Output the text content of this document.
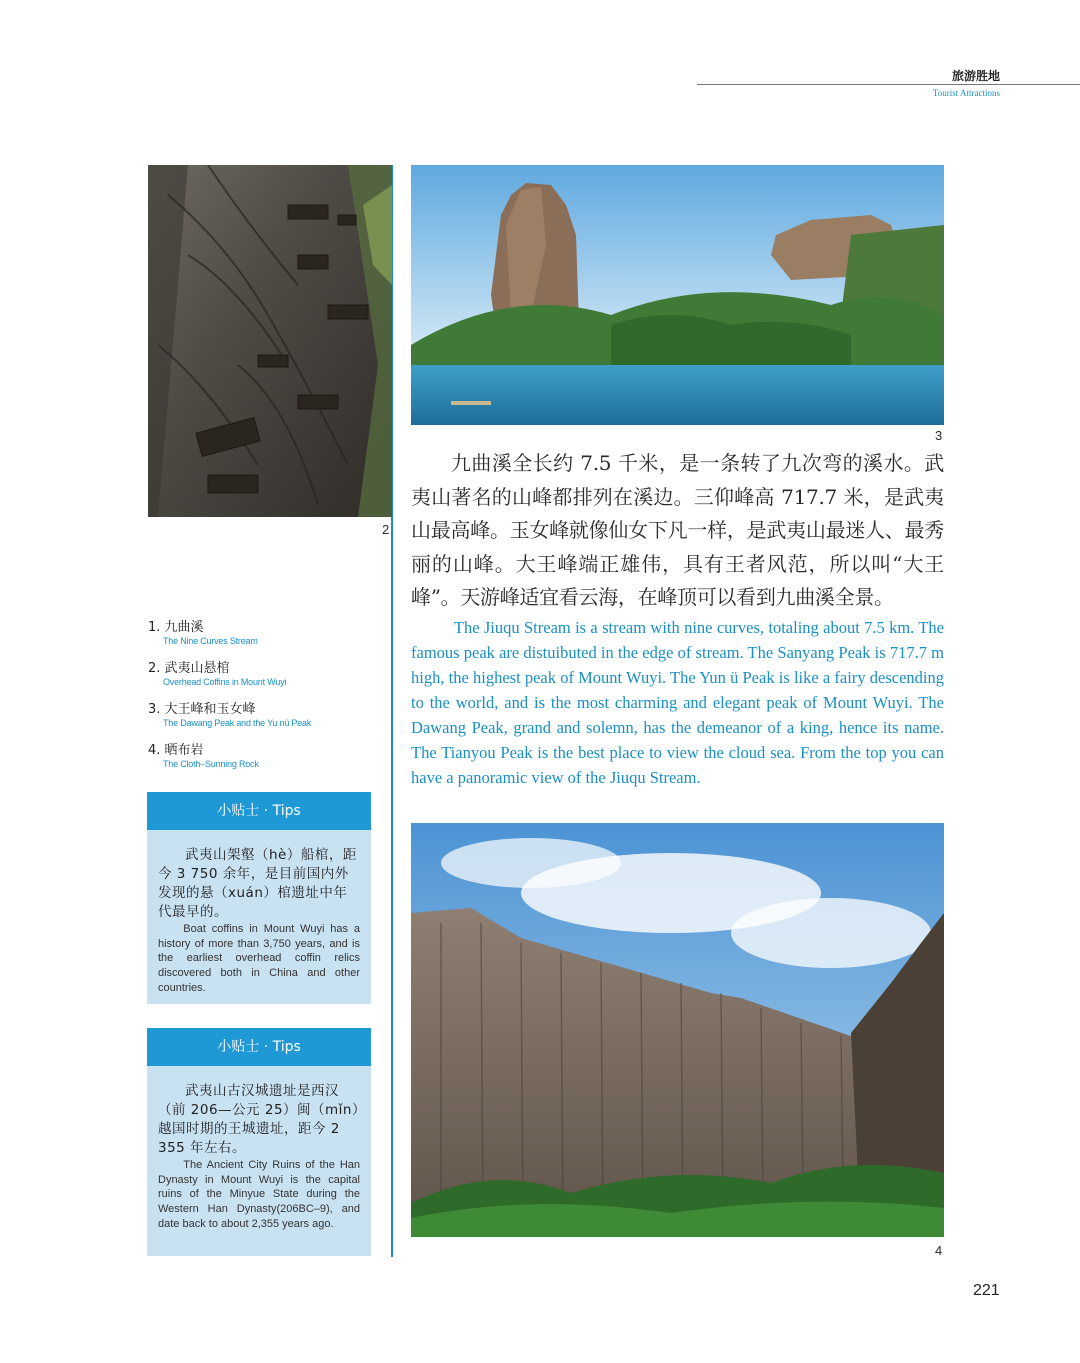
旅游胜地
Tourist Attractions
2
3
九曲溪全长约 7.5 千米，是一条转了九次弯的溪水。武夷山著名的山峰都排列在溪边。三仰峰高 717.7 米，是武夷山最高峰。玉女峰就像仙女下凡一样，是武夷山最迷人、最秀丽的山峰。大王峰端正雄伟，具有王者风范，所以叫“大王峰”。天游峰适宜看云海，在峰顶可以看到九曲溪全景。
The Jiuqu Stream is a stream with nine curves, totaling about 7.5 km. The famous peak are distuibuted in the edge of stream. The Sanyang Peak is 717.7 m high, the highest peak of Mount Wuyi. The Yun ü Peak is like a fairy descending to the world, and is the most charming and elegant peak of Mount Wuyi. The Dawang Peak, grand and solemn, has the demeanor of a king, hence its name. The Tianyou Peak is the best place to view the cloud sea. From the top you can have a panoramic view of the Jiuqu Stream.
4
1. 九曲溪
The Nine Curves Stream
2. 武夷山悬棺
Overhead Coffins in Mount Wuyi
3. 大王峰和玉女峰
The Dawang Peak and the Yu nü Peak
4. 晒布岩
The Cloth–Sunning Rock
小贴士 · Tips

武夷山架壑（hè）船棺，距今 3 750 余年，是目前国内外发现的悬（xuán）棺遗址中年代最早的。

Boat coffins in Mount Wuyi has a history of more than 3,750 years, and is the earliest overhead coffin relics discovered both in China and other countries.

小贴士 · Tips

武夷山古汉城遗址是西汉（前 206—公元 25）闽（mǐn）越国时期的王城遗址，距今 2 355 年左右。

The Ancient City Ruins of the Han Dynasty in Mount Wuyi is the capital ruins of the Minyue State during the Western Han Dynasty(206BC–9), and date back to about 2,355 years ago.

221
